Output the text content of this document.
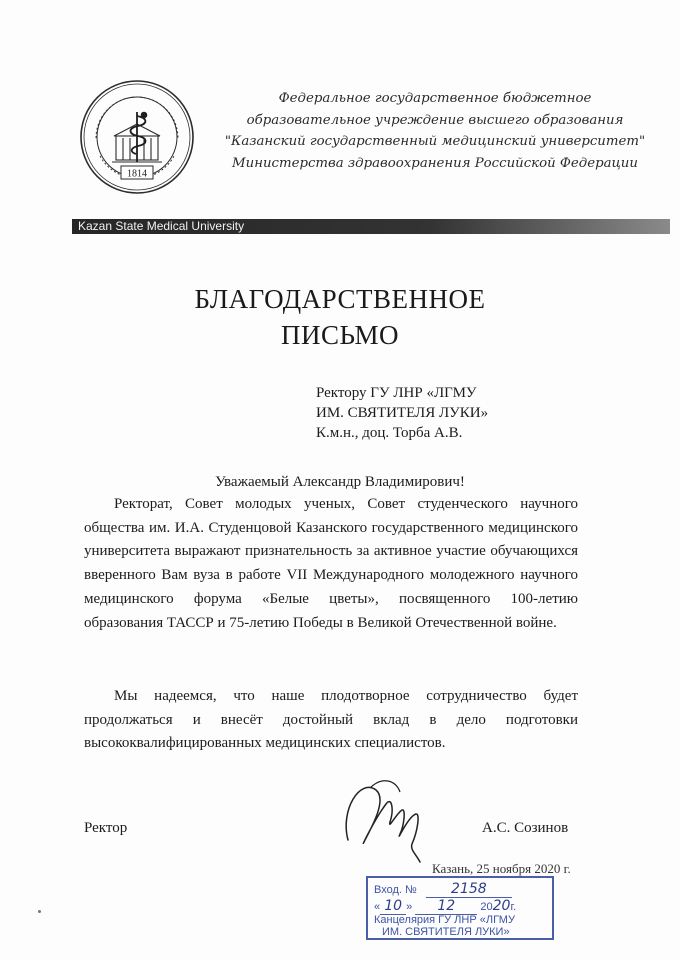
1814
Федеральное государственное бюджетное
образовательное учреждение высшего образования
"Казанский государственный медицинский университет"
Министерства здравоохранения Российской Федерации
Kazan State Medical University
БЛАГОДАРСТВЕННОЕ
ПИСЬМО
Ректору ГУ ЛНР «ЛГМУ
ИМ. СВЯТИТЕЛЯ ЛУКИ»
К.м.н., доц. Торба А.В.
Уважаемый Александр Владимирович!
Ректорат, Совет молодых ученых, Совет студенческого научного общества им. И.А. Студенцовой Казанского государственного медицинского университета выражают признательность за активное участие обучающихся вверенного Вам вуза в работе VII Международного молодежного научного медицинского форума «Белые цветы», посвященного 100-летию образования ТАССР и 75-летию Победы в Великой Отечественной войне.
Мы надеемся, что наше плодотворное сотрудничество будет продолжаться и внесёт достойный вклад в дело подготовки высококвалифицированных медицинских специалистов.
Ректор	А.С. Созинов
Казань, 25 ноября 2020 г.
Вход. № 2158
« 10 » 12 2020г.
Канцелярия ГУ ЛНР «ЛГМУ
ИМ. СВЯТИТЕЛЯ ЛУКИ»
